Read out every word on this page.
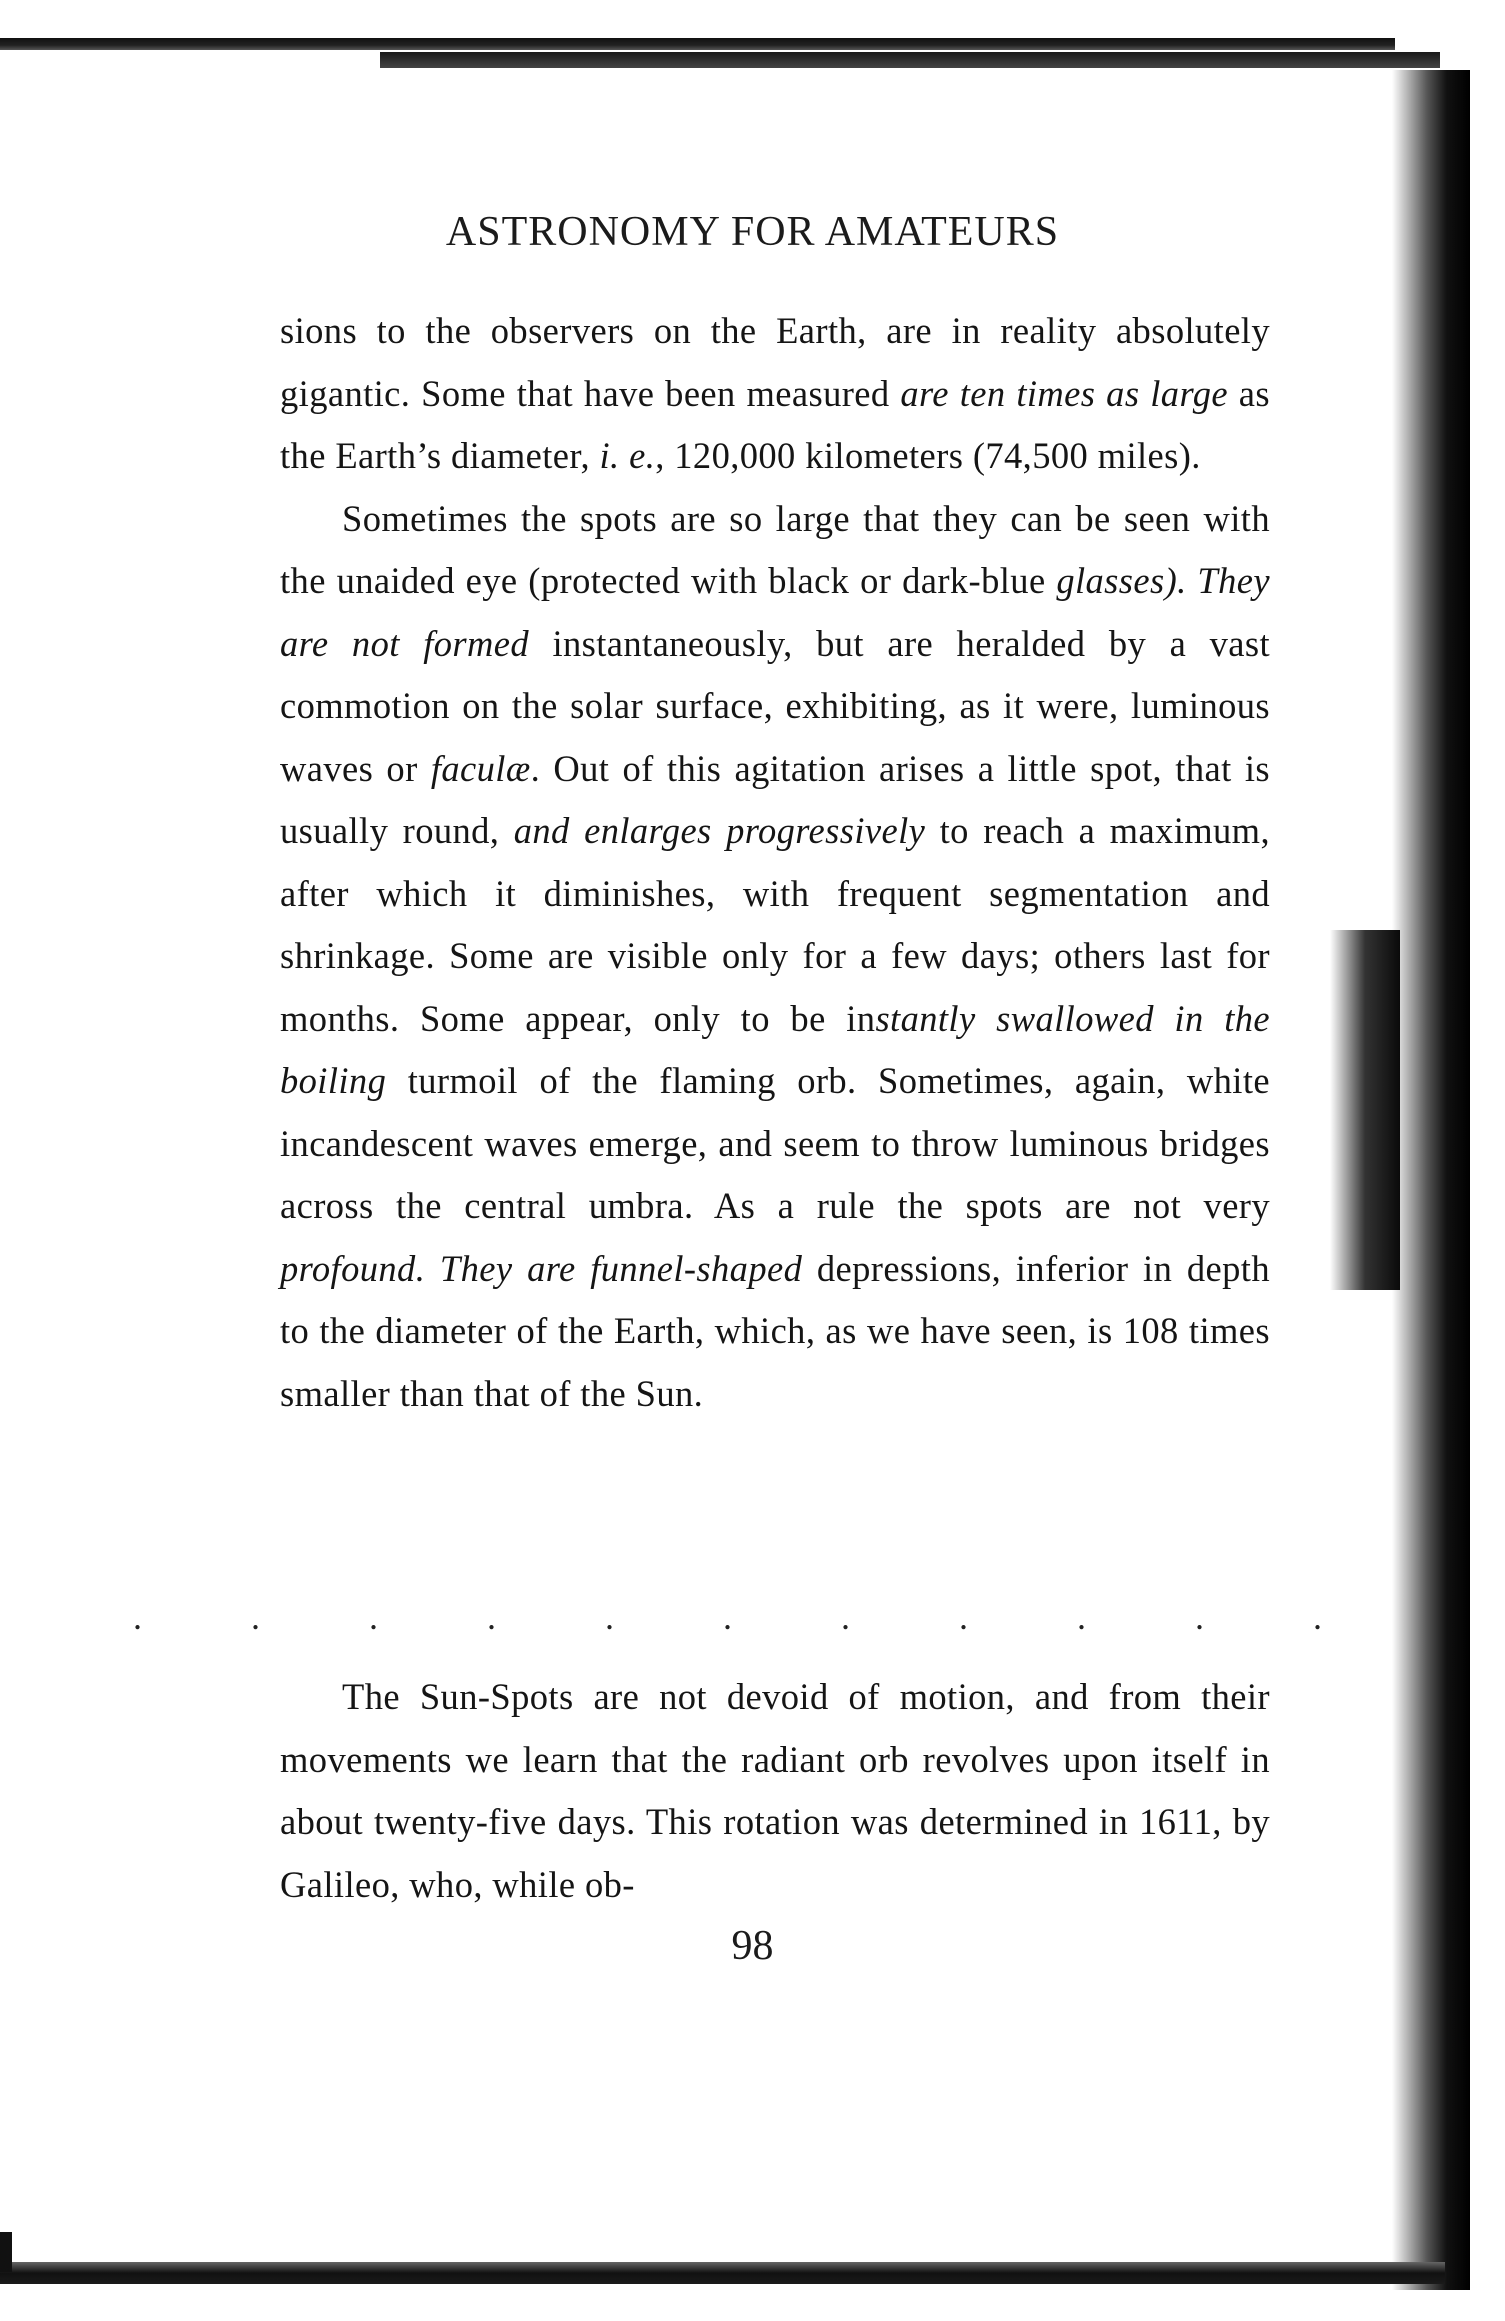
ASTRONOMY FOR AMATEURS

sions to the observers on the Earth, are in reality absolutely gigantic. Some that have been measured are ten times as large as the Earth’s diameter, i. e., 120,000 kilometers (74,500 miles).

Sometimes the spots are so large that they can be seen with the unaided eye (protected with black or dark-blue glasses). They are not formed instantaneously, but are heralded by a vast commotion on the solar surface, exhibiting, as it were, luminous waves or faculæ. Out of this agitation arises a little spot, that is usually round, and enlarges progressively to reach a maximum, after which it diminishes, with frequent segmentation and shrinkage. Some are visible only for a few days; others last for months. Some appear, only to be instantly swallowed in the boiling turmoil of the flaming orb. Sometimes, again, white incandescent waves emerge, and seem to throw luminous bridges across the central umbra. As a rule the spots are not very profound. They are funnel-shaped depressions, inferior in depth to the diameter of the Earth, which, as we have seen, is 108 times smaller than that of the Sun.

. . . . . . . . . . .

The Sun-Spots are not devoid of motion, and from their movements we learn that the radiant orb revolves upon itself in about twenty-five days. This rotation was determined in 1611, by Galileo, who, while ob-

98
